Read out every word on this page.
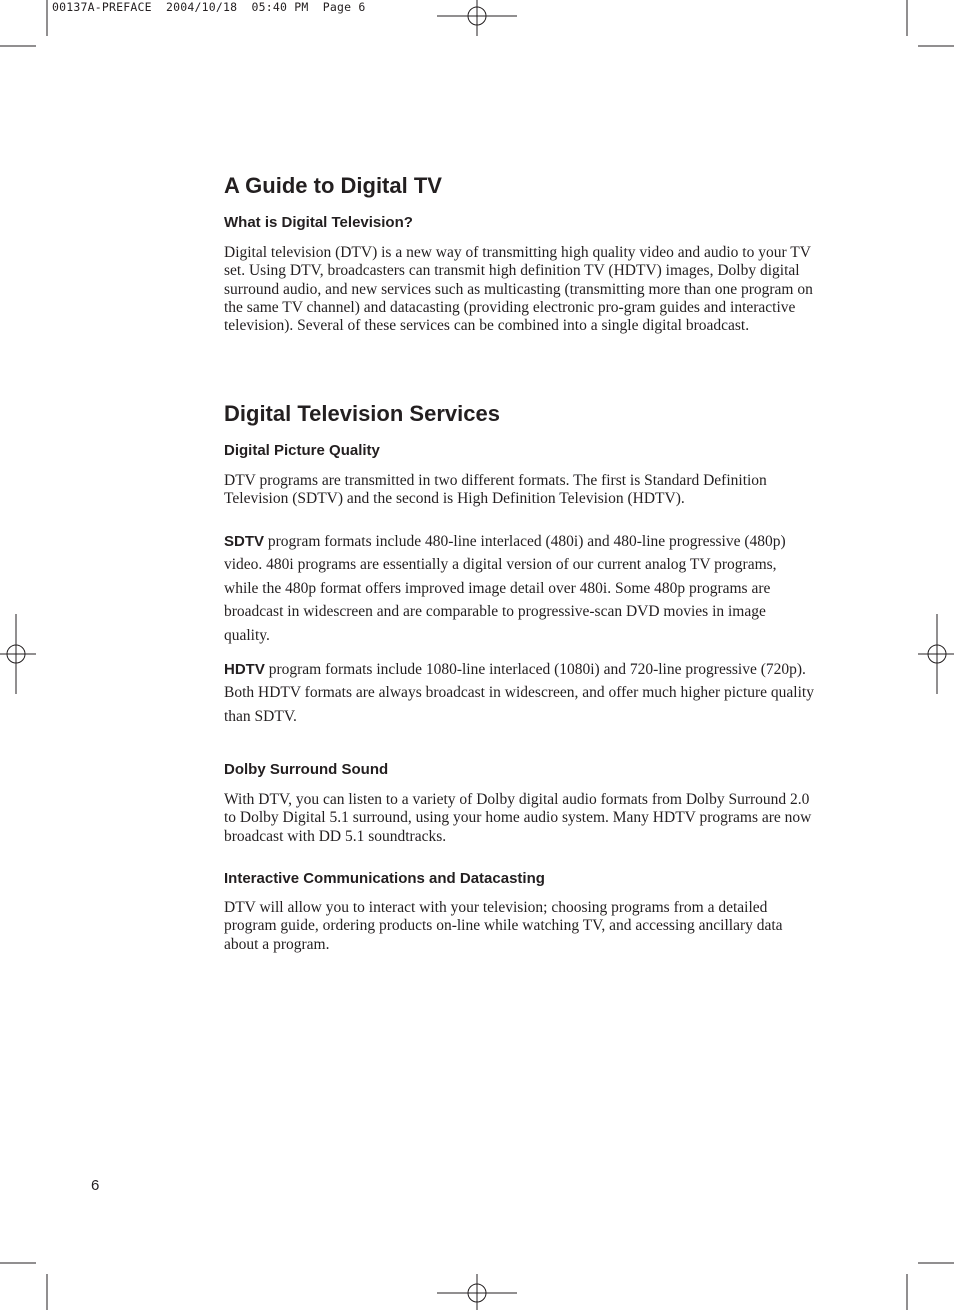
00137A-PREFACE  2004/10/18  05:40 PM  Page 6
A Guide to Digital TV
What is Digital Television?

Digital television (DTV) is a new way of transmitting high quality video and audio to your TV set. Using DTV, broadcasters can transmit high definition TV (HDTV) images, Dolby digital surround audio, and new services such as multicasting (transmitting more than one program on the same TV channel) and datacasting (providing electronic pro-gram guides and interactive television). Several of these services can be combined into a single digital broadcast.

Digital Television Services
Digital Picture Quality

DTV programs are transmitted in two different formats. The first is Standard Definition Television (SDTV) and the second is High Definition Television (HDTV).

SDTV program formats include 480-line interlaced (480i) and 480-line progressive (480p) video. 480i programs are essentially a digital version of our current analog TV programs, while the 480p format offers improved image detail over 480i. Some 480p programs are broadcast in widescreen and are comparable to progressive-scan DVD movies in image quality.

HDTV program formats include 1080-line interlaced (1080i) and 720-line progressive (720p). Both HDTV formats are always broadcast in widescreen, and offer much higher picture quality than SDTV.

Dolby Surround Sound

With DTV, you can listen to a variety of Dolby digital audio formats from Dolby Surround 2.0 to Dolby Digital 5.1 surround, using your home audio system. Many HDTV programs are now broadcast with DD 5.1 soundtracks.

Interactive Communications and Datacasting

DTV will allow you to interact with your television; choosing programs from a detailed program guide, ordering products on-line while watching TV, and accessing ancillary data about a program.

6
